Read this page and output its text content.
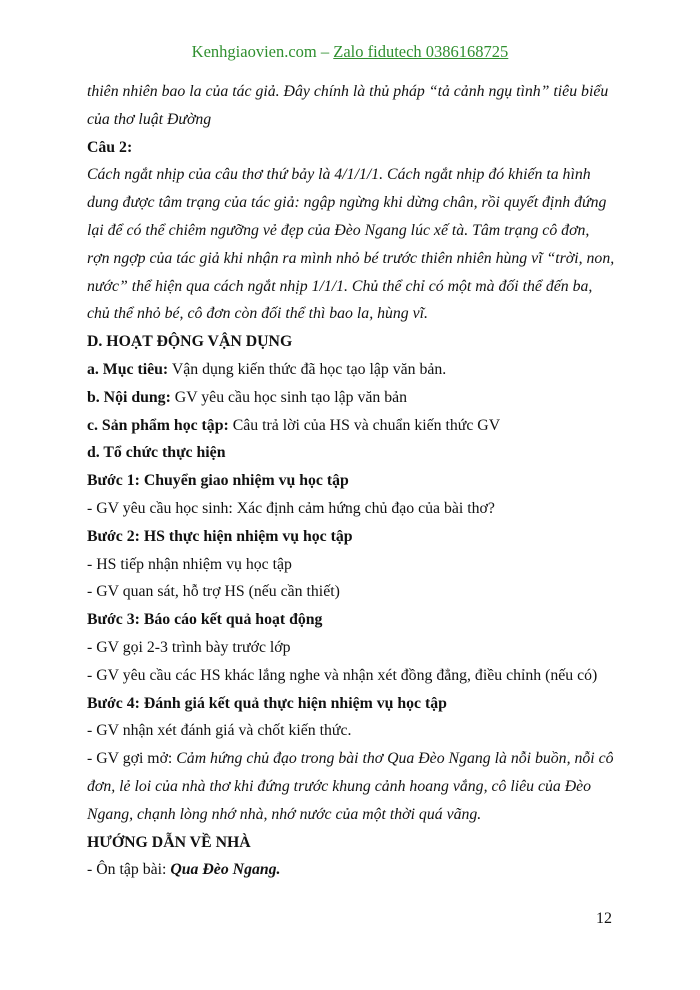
Kenhgiaovien.com – Zalo fidutech 0386168725

thiên nhiên bao la của tác giả. Đây chính là thủ pháp “tả cảnh ngụ tình” tiêu biểu

của thơ luật Đường

Câu 2:

Cách ngắt nhịp của câu thơ thứ bảy là 4/1/1/1. Cách ngắt nhịp đó khiến ta hình

dung được tâm trạng của tác giả: ngập ngừng khi dừng chân, rồi quyết định đứng

lại để có thể chiêm ngưỡng vẻ đẹp của Đèo Ngang lúc xế tà. Tâm trạng cô đơn,

rợn ngợp của tác giả khi nhận ra mình nhỏ bé trước thiên nhiên hùng vĩ “trời, non,

nước” thể hiện qua cách ngắt nhịp 1/1/1. Chủ thể chỉ có một mà đối thể đến ba,

chủ thể nhỏ bé, cô đơn còn đối thể thì bao la, hùng vĩ.

D. HOẠT ĐỘNG VẬN DỤNG

a. Mục tiêu: Vận dụng kiến thức đã học tạo lập văn bản.

b. Nội dung: GV yêu cầu học sinh tạo lập văn bản

c. Sản phẩm học tập: Câu trả lời của HS và chuẩn kiến thức GV

d. Tổ chức thực hiện

Bước 1: Chuyển giao nhiệm vụ học tập

- GV yêu cầu học sinh: Xác định cảm hứng chủ đạo của bài thơ?

Bước 2: HS thực hiện nhiệm vụ học tập

- HS tiếp nhận nhiệm vụ học tập

- GV quan sát, hỗ trợ HS (nếu cần thiết)

Bước 3: Báo cáo kết quả hoạt động

- GV gọi 2-3 trình bày trước lớp

- GV yêu cầu các HS khác lắng nghe và nhận xét đồng đẳng, điều chỉnh (nếu có)

Bước 4: Đánh giá kết quả thực hiện nhiệm vụ học tập

- GV nhận xét đánh giá và chốt kiến thức.

- GV gợi mở: Cảm hứng chủ đạo trong bài thơ Qua Đèo Ngang là nỗi buồn, nỗi cô

đơn, lẻ loi của nhà thơ khi đứng trước khung cảnh hoang vắng, cô liêu của Đèo

Ngang, chạnh lòng nhớ nhà, nhớ nước của một thời quá vãng.

HƯỚNG DẪN VỀ NHÀ

- Ôn tập bài: Qua Đèo Ngang.

12
